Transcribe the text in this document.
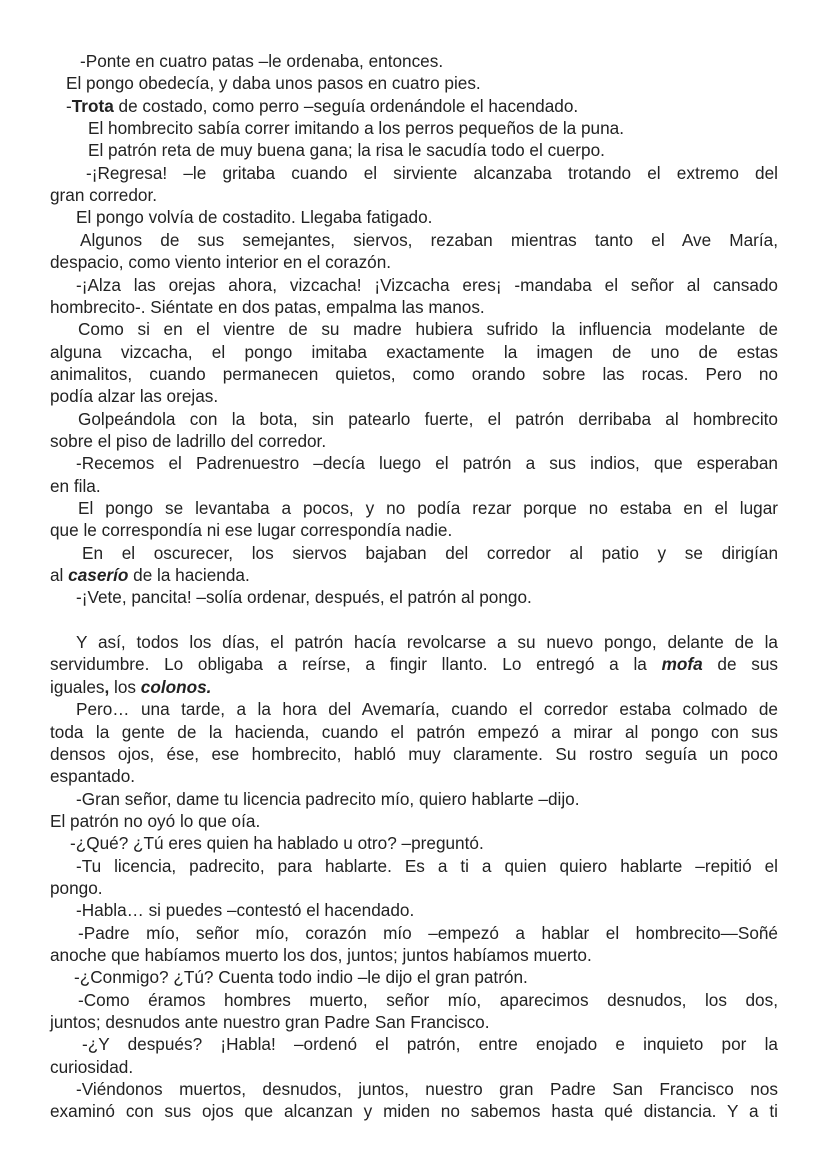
-Ponte en cuatro patas –le ordenaba, entonces.
El pongo obedecía, y daba unos pasos en cuatro pies.
-Trota de costado, como perro –seguía ordenándole el hacendado.
El hombrecito sabía correr imitando a los perros pequeños de la puna.
El patrón reta de muy buena gana; la risa le sacudía todo el cuerpo.
-¡Regresa! –le gritaba cuando el sirviente alcanzaba trotando el extremo del
gran corredor.
El pongo volvía de costadito. Llegaba fatigado.
Algunos de sus semejantes, siervos, rezaban mientras tanto el Ave María,
despacio, como viento interior en el corazón.
-¡Alza las orejas ahora, vizcacha! ¡Vizcacha eres¡ -mandaba el señor al cansado
hombrecito-. Siéntate en dos patas, empalma las manos.
Como si en el vientre de su madre hubiera sufrido la influencia modelante de
alguna vizcacha, el pongo imitaba exactamente la imagen de uno de estas
animalitos, cuando permanecen quietos, como orando sobre las rocas. Pero no
podía alzar las orejas.
Golpeándola con la bota, sin patearlo fuerte, el patrón derribaba al hombrecito
sobre el piso de ladrillo del corredor.
-Recemos el Padrenuestro –decía luego el patrón a sus indios, que esperaban
en fila.
El pongo se levantaba a pocos, y no podía rezar porque no estaba en el lugar
que le correspondía ni ese lugar correspondía nadie.
En el oscurecer, los siervos bajaban del corredor al patio y se dirigían
al caserío de la hacienda.
-¡Vete, pancita! –solía ordenar, después, el patrón al pongo.
Y así, todos los días, el patrón hacía revolcarse a su nuevo pongo, delante de la
servidumbre. Lo obligaba a reírse, a fingir llanto. Lo entregó a la mofa de sus
iguales, los colonos.
Pero… una tarde, a la hora del Avemaría, cuando el corredor estaba colmado de
toda la gente de la hacienda, cuando el patrón empezó a mirar al pongo con sus
densos ojos, ése, ese hombrecito, habló muy claramente. Su rostro seguía un poco
espantado.
-Gran señor, dame tu licencia padrecito mío, quiero hablarte –dijo.
El patrón no oyó lo que oía.
-¿Qué? ¿Tú eres quien ha hablado u otro? –preguntó.
-Tu licencia, padrecito, para hablarte. Es a ti a quien quiero hablarte –repitió el
pongo.
-Habla… si puedes –contestó el hacendado.
-Padre mío, señor mío, corazón mío –empezó a hablar el hombrecito—Soñé
anoche que habíamos muerto los dos, juntos; juntos habíamos muerto.
-¿Conmigo? ¿Tú? Cuenta todo indio –le dijo el gran patrón.
-Como éramos hombres muerto, señor mío, aparecimos desnudos, los dos,
juntos; desnudos ante nuestro gran Padre San Francisco.
-¿Y después? ¡Habla! –ordenó el patrón, entre enojado e inquieto por la
curiosidad.
-Viéndonos muertos, desnudos, juntos, nuestro gran Padre San Francisco nos
examinó con sus ojos que alcanzan y miden no sabemos hasta qué distancia. Y a ti
